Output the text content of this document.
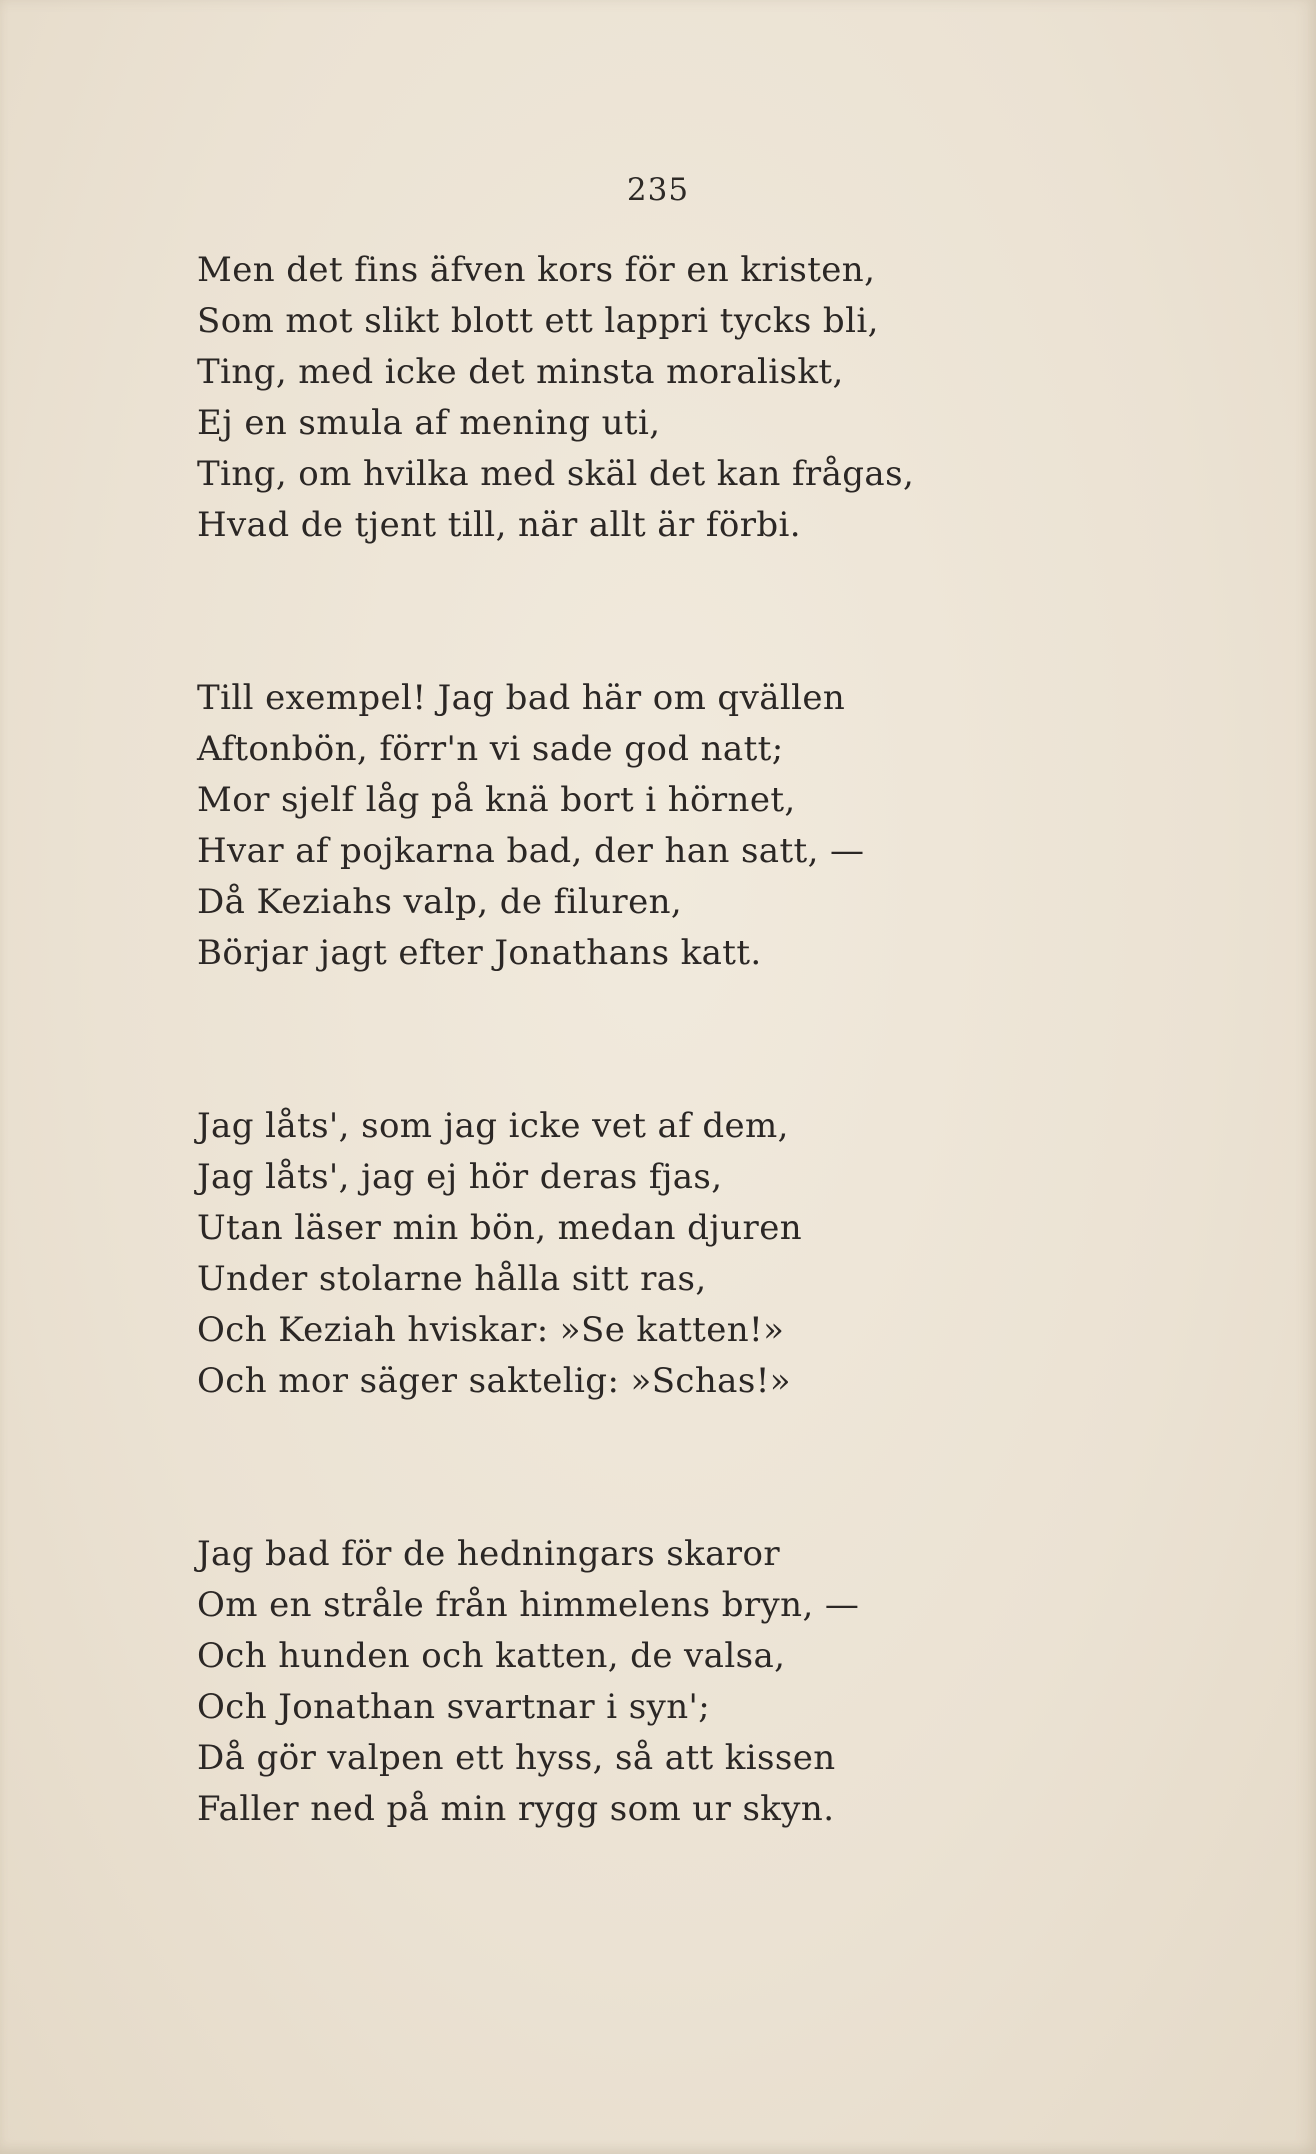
235
Men det fins äfven kors för en kristen,
Som mot slikt blott ett lappri tycks bli,
Ting, med icke det minsta moraliskt,
Ej en smula af mening uti,
Ting, om hvilka med skäl det kan frågas,
Hvad de tjent till, när allt är förbi.
Till exempel! Jag bad här om qvällen
Aftonbön, förr'n vi sade god natt;
Mor sjelf låg på knä bort i hörnet,
Hvar af pojkarna bad, der han satt, —
Då Keziahs valp, de filuren,
Börjar jagt efter Jonathans katt.
Jag låts', som jag icke vet af dem,
Jag låts', jag ej hör deras fjas,
Utan läser min bön, medan djuren
Under stolarne hålla sitt ras,
Och Keziah hviskar: »Se katten!»
Och mor säger saktelig: »Schas!»
Jag bad för de hedningars skaror
Om en stråle från himmelens bryn, —
Och hunden och katten, de valsa,
Och Jonathan svartnar i syn';
Då gör valpen ett hyss, så att kissen
Faller ned på min rygg som ur skyn.
